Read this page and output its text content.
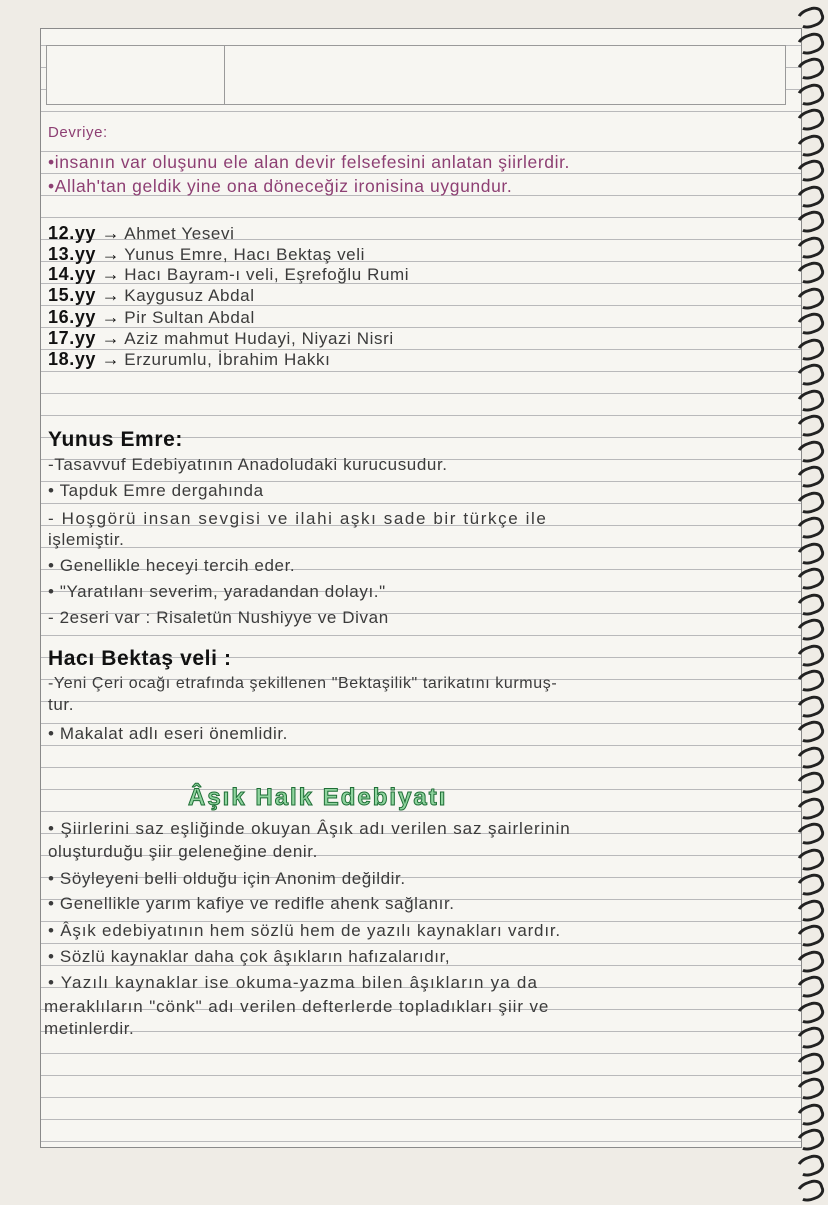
Devriye:
•insanın var oluşunu ele alan devir felsefesini anlatan şiirlerdir.
•Allah'tan geldik yine ona döneceğiz ironisina uygundur.
12.yy → Ahmet Yesevi
13.yy → Yunus Emre, Hacı Bektaş veli
14.yy → Hacı Bayram-ı veli, Eşrefoğlu Rumi
15.yy → Kaygusuz Abdal
16.yy → Pir Sultan Abdal
17.yy → Aziz mahmut Hudayi, Niyazi Nisri
18.yy → Erzurumlu, İbrahim Hakkı
Yunus Emre:
-Tasavvuf Edebiyatının Anadoludaki kurucusudur.
• Tapduk Emre dergahında
- Hoşgörü insan sevgisi ve ilahi aşkı sade bir türkçe ile
işlemiştir.
• Genellikle heceyi tercih eder.
• "Yaratılanı severim, yaradandan dolayı."
- 2eseri var : Risaletün Nushiyye ve Divan
Hacı Bektaş veli :
-Yeni Çeri ocağı etrafında şekillenen "Bektaşilik" tarikatını kurmuş-
tur.
• Makalat adlı eseri önemlidir.
Âşık Halk Edebiyatı
• Şiirlerini saz eşliğinde okuyan Âşık adı verilen saz şairlerinin
oluşturduğu şiir geleneğine denir.
• Söyleyeni belli olduğu için Anonim değildir.
• Genellikle yarım kafiye ve redifle ahenk sağlanır.
• Âşık edebiyatının hem sözlü hem de yazılı kaynakları vardır.
• Sözlü kaynaklar daha çok âşıkların hafızalarıdır,
• Yazılı kaynaklar ise okuma-yazma bilen âşıkların ya da
meraklıların "cönk" adı verilen defterlerde topladıkları şiir ve
metinlerdir.
